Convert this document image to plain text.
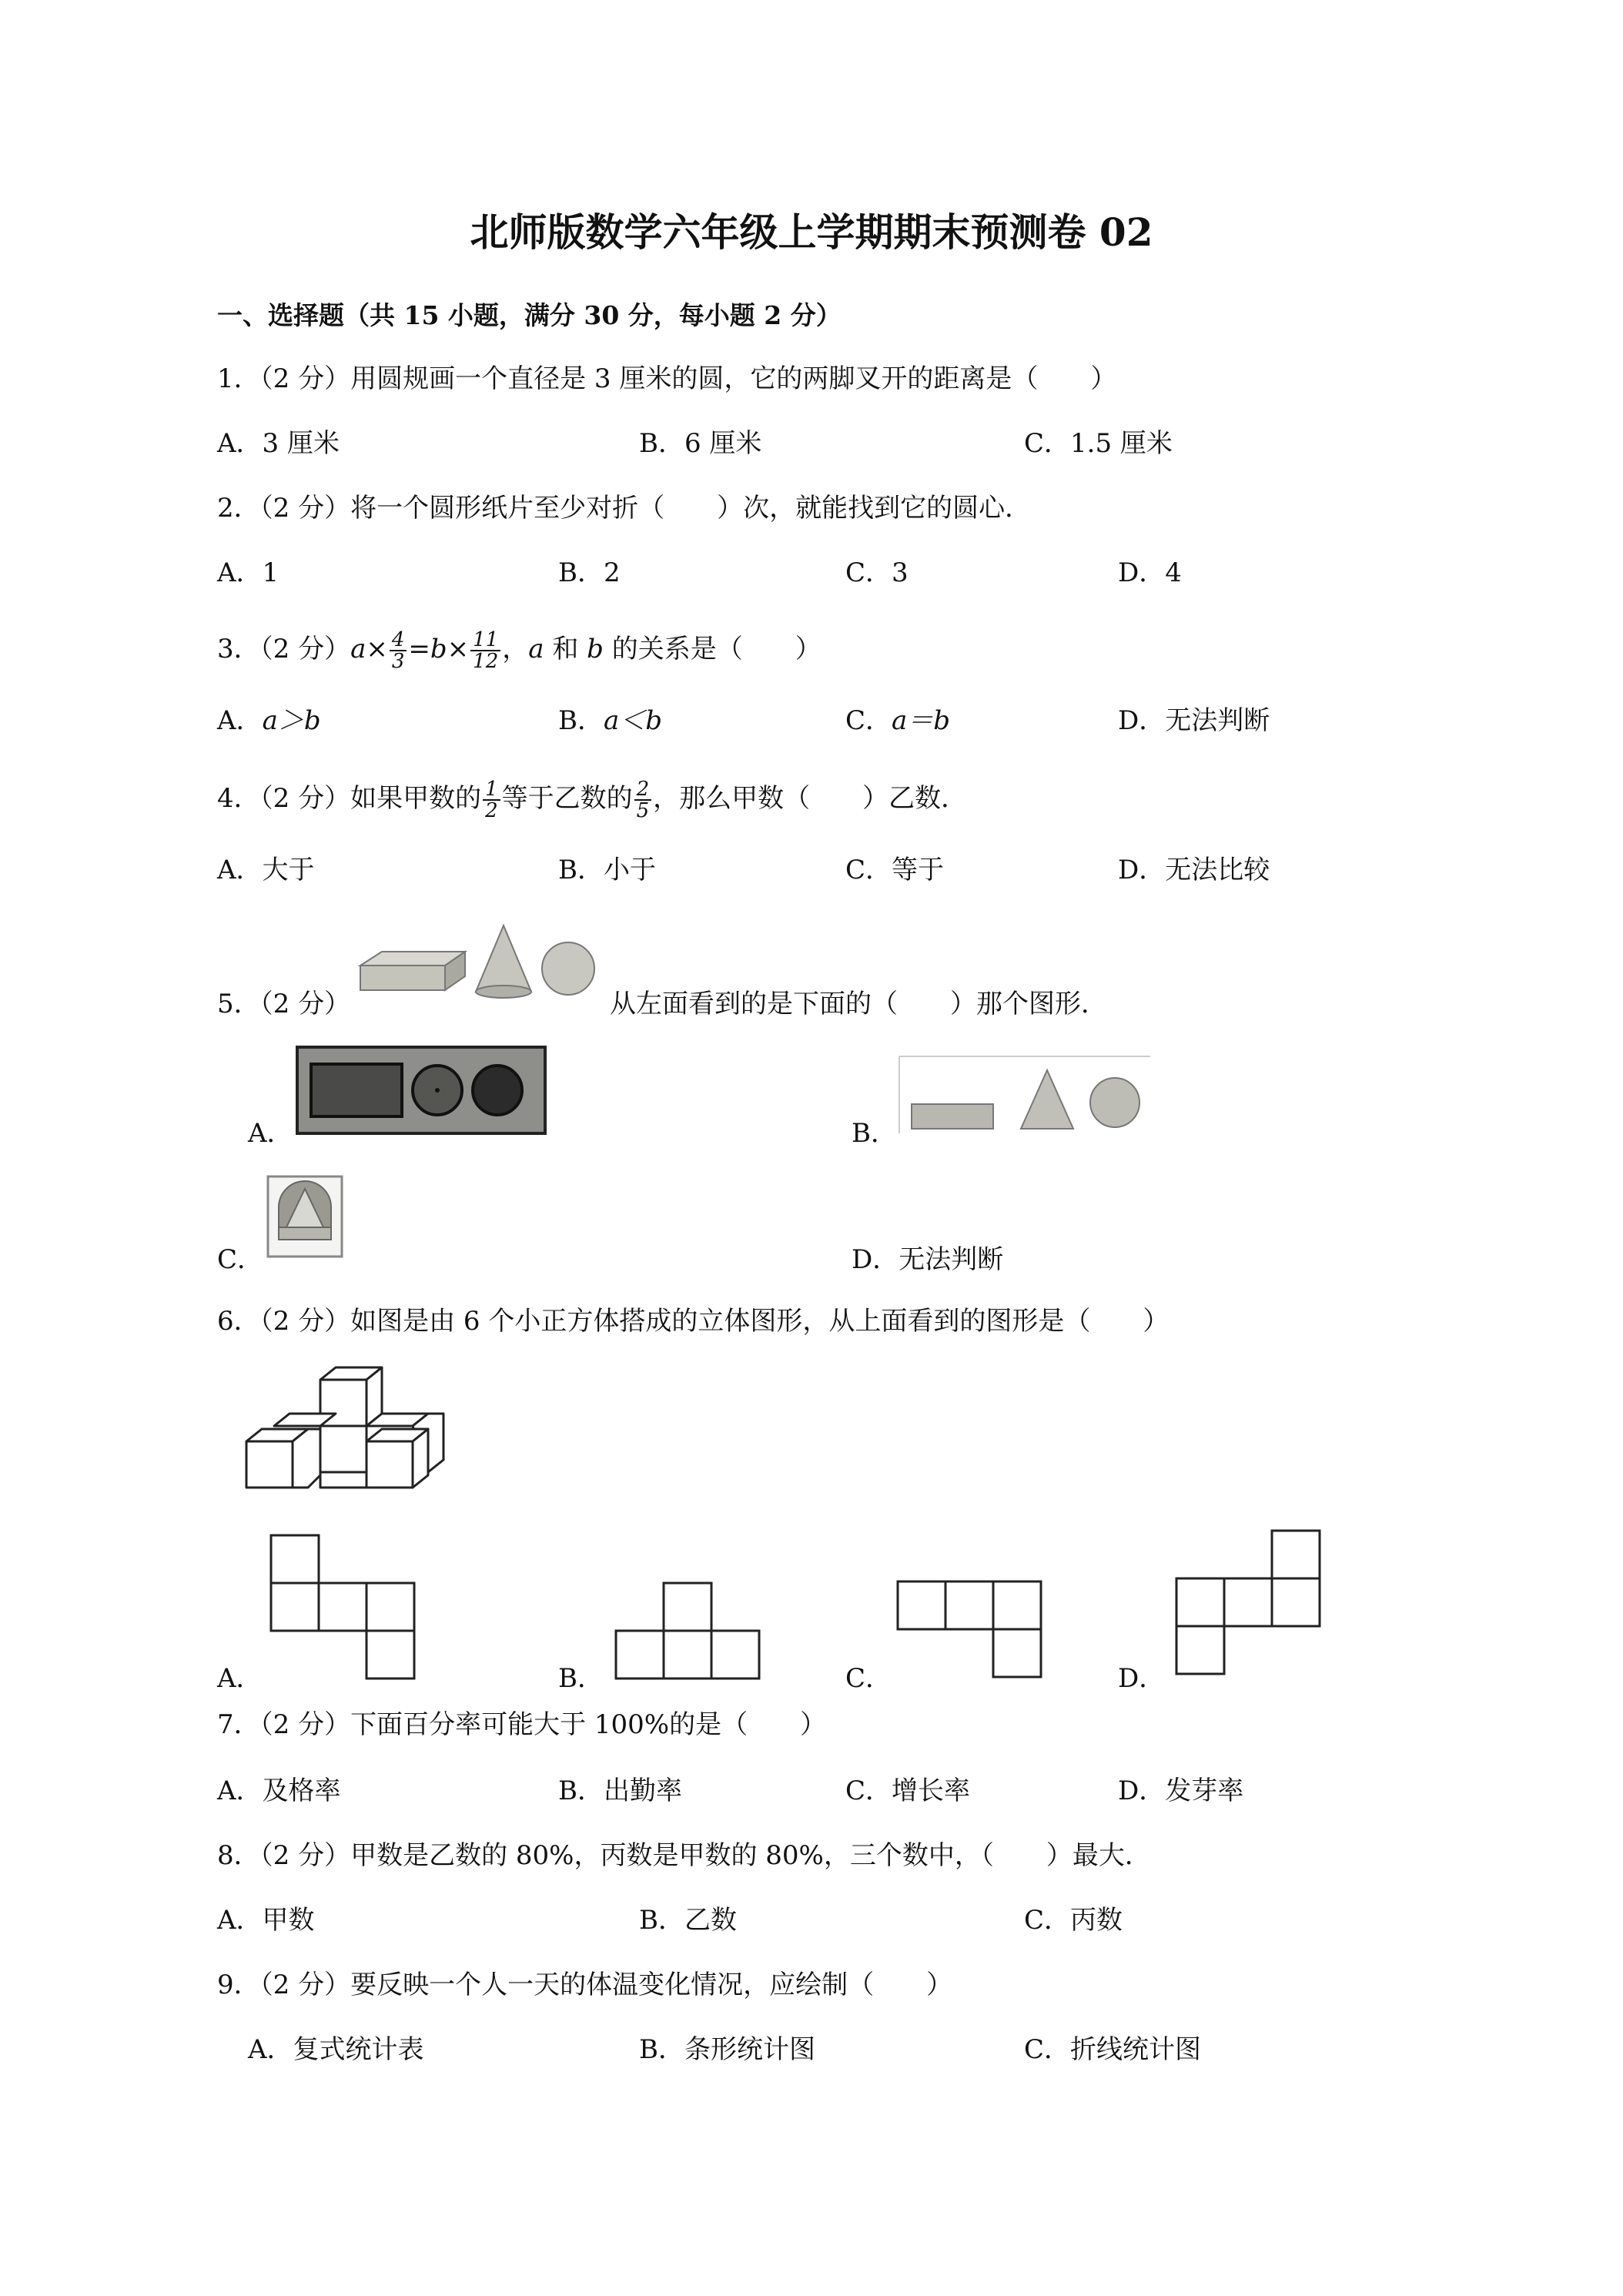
北师版数学六年级上学期期末预测卷 02
一、选择题（共 15 小题，满分 30 分，每小题 2 分）
1．（2 分）用圆规画一个直径是 3 厘米的圆，它的两脚叉开的距离是（　　）
A．3 厘米	B．6 厘米	C．1.5 厘米
2．（2 分）将一个圆形纸片至少对折（　　）次，就能找到它的圆心．
A．1	B．2	C．3	D．4
3．（2 分）$a\times \frac{4}{3} =b\times \frac{11}{12}$ ，a 和 b 的关系是（　　）
A．a＞b	B．a＜b	C．a＝b	D．无法判断
4．（2 分）如果甲数的 $\frac{1}{2}$ 等于乙数的 $\frac{2}{5}$ ，那么甲数（　　）乙数．
A．大于	B．小于	C．等于	D．无法比较
5．（2 分）	从左面看到的是下面的（　　）那个图形．
A．	B．
C．	D．无法判断
6．（2 分）如图是由 6 个小正方体搭成的立体图形，从上面看到的图形是（　　）
A．	B．	C．	D．
7．（2 分）下面百分率可能大于 100%的是（　　）
A．及格率	B．出勤率	C．增长率	D．发芽率
8．（2 分）甲数是乙数的 80%，丙数是甲数的 80%，三个数中，（　　）最大．
A．甲数	B．乙数	C．丙数
9．（2 分）要反映一个人一天的体温变化情况，应绘制（　　）
A．复式统计表	B．条形统计图	C．折线统计图
